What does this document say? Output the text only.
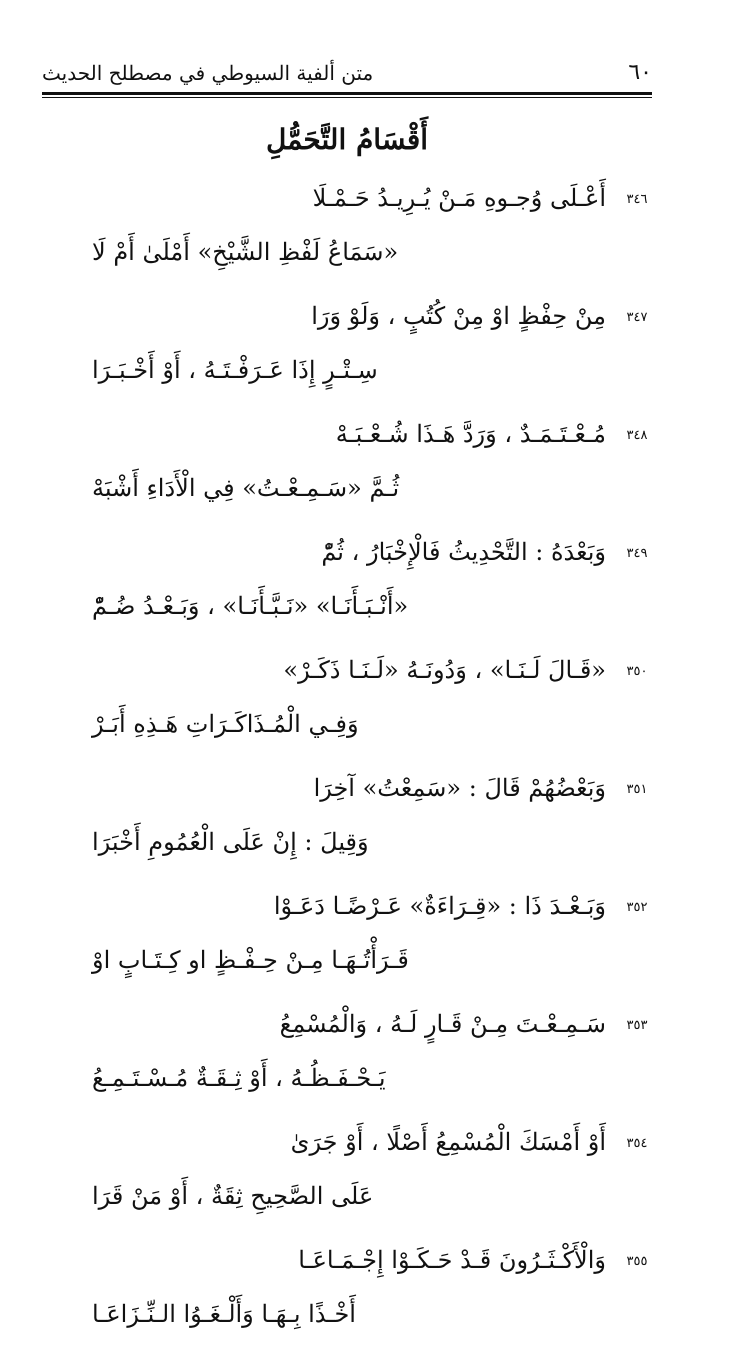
٦٠
متن ألفية السيوطي في مصطلح الحديث
أَقْسَامُ التَّحَمُّلِ
٣٤٦
أَعْـلَى وُجـوهِ مَـنْ يُـرِيـدُ حَـمْـلَا
«سَمَاعُ لَفْظِ الشَّيْخِ» أَمْلَىٰ أَمْ لَا
٣٤٧
مِنْ حِفْظٍ اوْ مِنْ كُتُبٍ ، وَلَوْ وَرَا
سِـتْـرٍ إِذَا عَـرَفْـتَـهُ ، أَوْ أَخْـبَـرَا
٣٤٨
مُـعْـتَـمَـدٌ ، وَرَدَّ هَـذَا شُـعْـبَـهْ
ثُـمَّ «سَـمِـعْـتُ» فِي الْأَدَاءِ أَشْبَهْ
٣٤٩
وَبَعْدَهُ : التَّحْدِيثُ فَالْإِخْبَارُ ، ثُمّْ
«أَنْـبَـأَنَـا» «نَـبَّـأَنَـا» ، وَبَـعْـدُ ضُـمّْ
٣٥٠
«قَـالَ لَـنَـا» ، وَدُونَـهُ «لَـنَـا ذَكَـرْ»
وَفِـي الْمُـذَاكَـرَاتِ هَـذِهِ أَبَـرْ
٣٥١
وَبَعْضُهُمْ قَالَ : «سَمِعْتُ» آخِرَا
وَقِيلَ : إِنْ عَلَى الْعُمُومِ أَخْبَرَا
٣٥٢
وَبَـعْـدَ ذَا : «قِـرَاءَةٌ» عَـرْضًـا دَعَـوْا
قَـرَأْتُـهَـا مِـنْ حِـفْـظٍ او كِـتَـابٍ اوْ
٣٥٣
سَـمِـعْـتَ مِـنْ قَـارٍ لَـهُ ، وَالْمُسْمِعُ
يَـحْـفَـظُـهُ ، أَوْ ثِـقَـةٌ مُـسْـتَـمِـعُ
٣٥٤
أَوْ أَمْسَكَ الْمُسْمِعُ أَصْلًا ، أَوْ جَرَىٰ
عَلَى الصَّحِيحِ ثِقَةٌ ، أَوْ مَنْ قَرَا
٣٥٥
وَالْأَكْـثَـرُونَ قَـدْ حَـكَـوْا إِجْـمَـاعَـا
أَخْـذًا بِـهَـا وَأَلْـغَـوُا الـنِّـزَاعَـا
